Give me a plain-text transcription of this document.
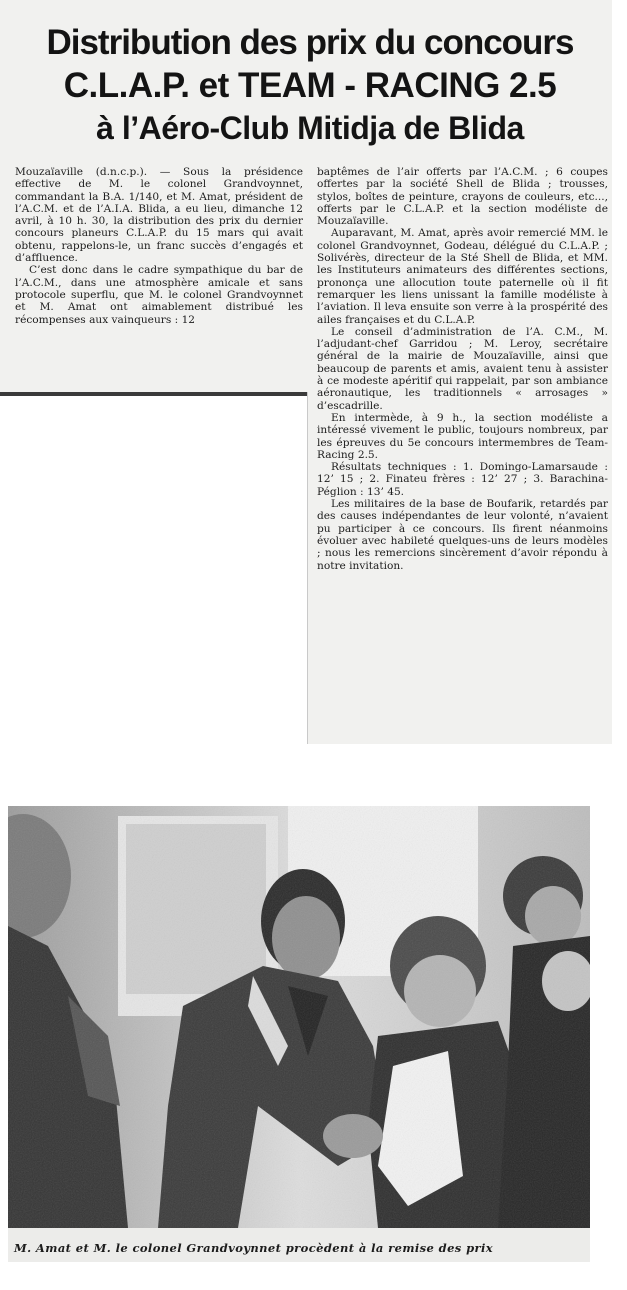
Distribution des prix du concours
C.L.A.P. et TEAM - RACING 2.5
à l’Aéro-Club Mitidja de Blida

Mouzaïaville (d.n.c.p.). — Sous la présidence effective de M. le colonel Grandvoynnet, commandant la B.A. 1/140, et M. Amat, président de l’A.C.M. et de l’A.I.A. Blida, a eu lieu, dimanche 12 avril, à 10 h. 30, la distribution des prix du dernier concours planeurs C.L.A.P. du 15 mars qui avait obtenu, rappelons-le, un franc succès d’engagés et d’affluence.

C’est donc dans le cadre sympathique du bar de l’A.C.M., dans une atmosphère amicale et sans protocole superflu, que M. le colonel Grandvoynnet et M. Amat ont aimablement distribué les récompenses aux vainqueurs : 12

baptêmes de l’air offerts par l’A.C.M. ; 6 coupes offertes par la société Shell de Blida ; trousses, stylos, boîtes de peinture, crayons de couleurs, etc..., offerts par le C.L.A.P. et la section modéliste de Mouzaïaville.

Auparavant, M. Amat, après avoir remercié MM. le colonel Grandvoynnet, Godeau, délégué du C.L.A.P. ; Solivérès, directeur de la Sté Shell de Blida, et MM. les Instituteurs animateurs des différentes sections, prononça une allocution toute paternelle où il fit remarquer les liens unissant la famille modéliste à l’aviation. Il leva ensuite son verre à la prospérité des ailes françaises et du C.L.A.P.

Le conseil d’administration de l’A. C.M., M. l’adjudant-chef Garridou ; M. Leroy, secrétaire général de la mairie de Mouzaïaville, ainsi que beaucoup de parents et amis, avaient tenu à assister à ce modeste apéritif qui rappelait, par son ambiance aéronautique, les traditionnels « arrosages » d’escadrille.

En intermède, à 9 h., la section modéliste a intéressé vivement le public, toujours nombreux, par les épreuves du 5e concours intermembres de Team-Racing 2.5.

Résultats techniques : 1. Domingo-Lamarsaude : 12’ 15 ; 2. Finateu frères : 12’ 27 ; 3. Barachina-Péglion : 13’ 45.

Les militaires de la base de Boufarik, retardés par des causes indépendantes de leur volonté, n’avaient pu participer à ce concours. Ils firent néanmoins évoluer avec habileté quelques-uns de leurs modèles ; nous les remercions sincèrement d’avoir répondu à notre invitation.

M. Amat et M. le colonel Grandvoynnet procèdent à la remise des prix
